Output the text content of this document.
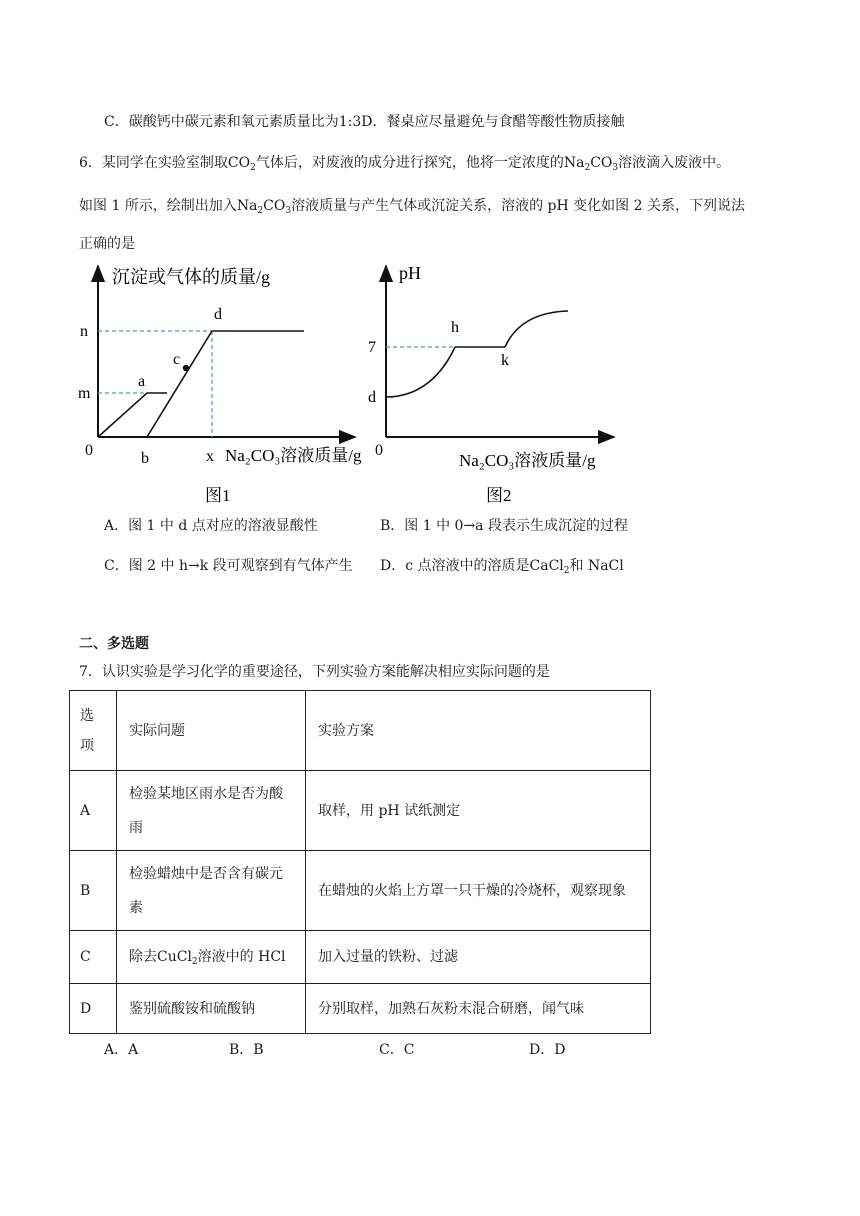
C．碳酸钙中碳元素和氧元素质量比为1:3D．餐桌应尽量避免与食醋等酸性物质接触
6．某同学在实验室制取$CO_2$气体后，对废液的成分进行探究，他将一定浓度的$Na_2CO_3$溶液滴入废液中。
如图 1 所示，绘制出加入$Na_2CO_3$溶液质量与产生气体或沉淀关系，溶液的 pH 变化如图 2 关系，下列说法
正确的是
沉淀或气体的质量/g
n
m
a
c
d
0	b	x Na₂CO₃溶液质量/g
图1
pH
7
d
h
k
0
Na₂CO₃溶液质量/g
图2
A．图 1 中 d 点对应的溶液显酸性	B．图 1 中 0→a 段表示生成沉淀的过程
C．图 2 中 h→k 段可观察到有气体产生 D．c 点溶液中的溶质是CaCl$_2$和 NaCl
二、多选题
7．认识实验是学习化学的重要途径，下列实验方案能解决相应实际问题的是
选
项	实际问题	实验方案
A	检验某地区雨水是否为酸雨	取样，用 pH 试纸测定
B	检验蜡烛中是否含有碳元素	在蜡烛的火焰上方罩一只干燥的冷烧杯，观察现象
C	除去CuCl$_2$溶液中的 HCl	加入过量的铁粉、过滤
D	鉴别硫酸铵和硫酸钠	分别取样，加熟石灰粉末混合研磨，闻气味
A．A	B．B	C．C	D．D
